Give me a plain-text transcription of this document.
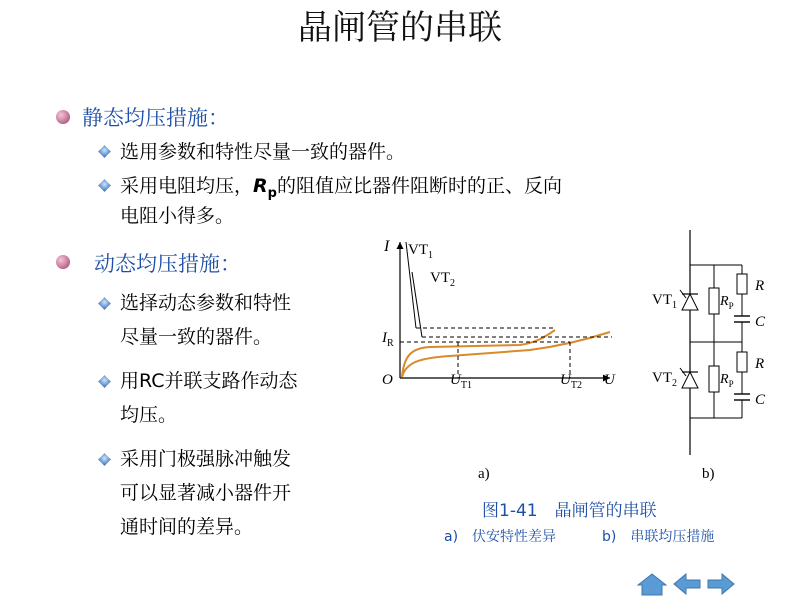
晶闸管的串联
静态均压措施：
选用参数和特性尽量一致的器件。
采用电阻均压，$R_p$的阻值应比器件阻断时的正、反向
电阻小得多。
动态均压措施：
选择动态参数和特性
尽量一致的器件。
用RC并联支路作动态
均压。
采用门极强脉冲触发
可以显著减小器件开
通时间的差异。
I $VT_1$
$VT_2$
$I_R$
O	$U_{T1}$	$U_{T2}$ U
a)
$VT_1$
$VT_2$
$R_P$
$R_P$
R
R
C
C
b)
图1-41　晶闸管的串联
a)　伏安特性差异	b)　串联均压措施
